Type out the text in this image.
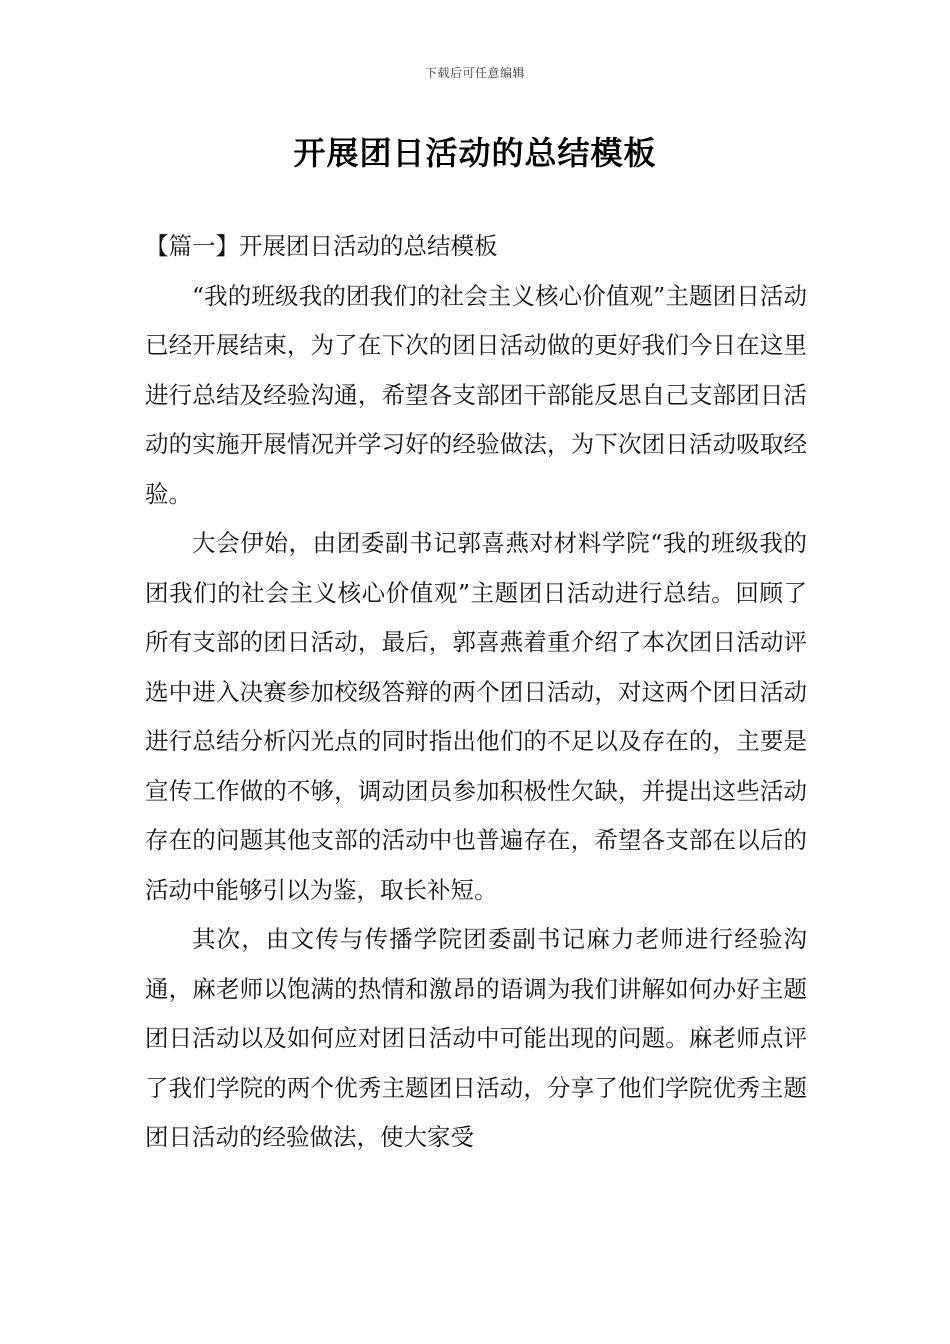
下载后可任意编辑
开展团日活动的总结模板

【篇一】开展团日活动的总结模板

“我的班级我的团我们的社会主义核心价值观”主题团日活动已经开展结束，为了在下次的团日活动做的更好我们今日在这里进行总结及经验沟通，希望各支部团干部能反思自己支部团日活动的实施开展情况并学习好的经验做法，为下次团日活动吸取经验。

大会伊始，由团委副书记郭喜燕对材料学院“我的班级我的团我们的社会主义核心价值观”主题团日活动进行总结。回顾了所有支部的团日活动，最后，郭喜燕着重介绍了本次团日活动评选中进入决赛参加校级答辩的两个团日活动，对这两个团日活动进行总结分析闪光点的同时指出他们的不足以及存在的，主要是宣传工作做的不够，调动团员参加积极性欠缺，并提出这些活动存在的问题其他支部的活动中也普遍存在，希望各支部在以后的活动中能够引以为鉴，取长补短。

其次，由文传与传播学院团委副书记麻力老师进行经验沟通，麻老师以饱满的热情和激昂的语调为我们讲解如何办好主题团日活动以及如何应对团日活动中可能出现的问题。麻老师点评了我们学院的两个优秀主题团日活动，分享了他们学院优秀主题团日活动的经验做法，使大家受
